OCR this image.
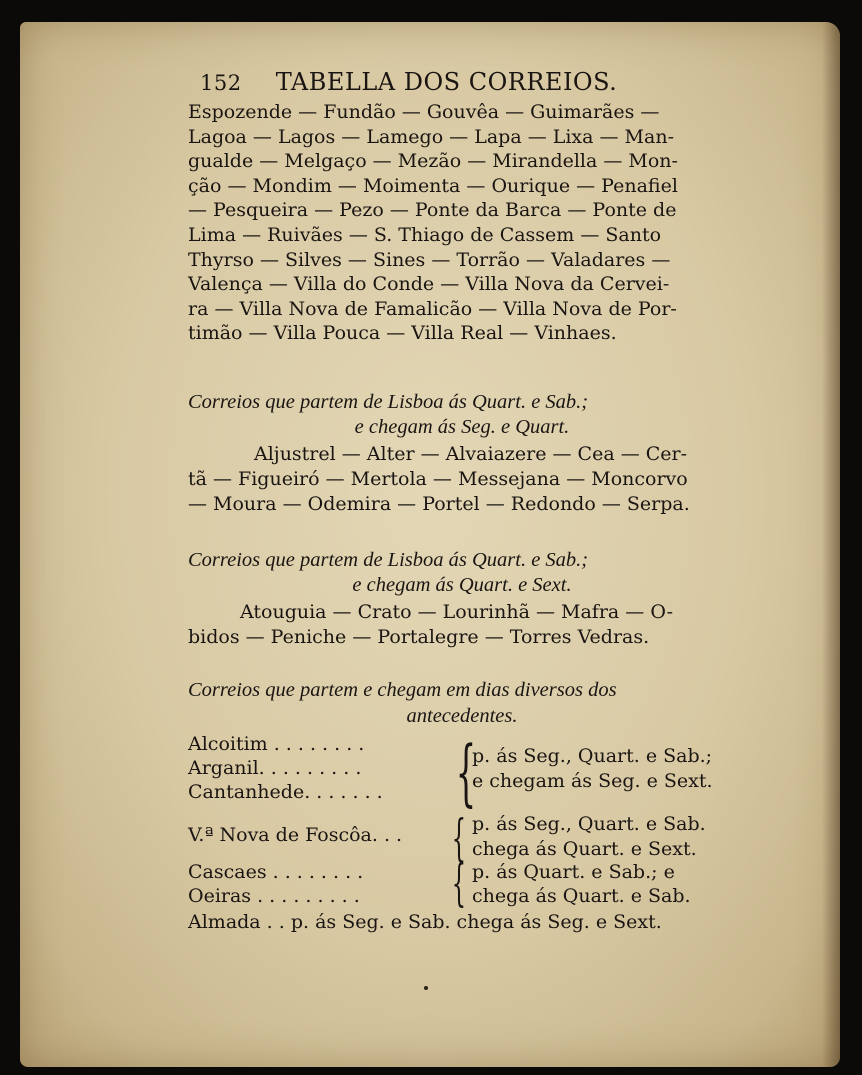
152 TABELLA DOS CORREIOS.
Espozende — Fundão — Gouvêa — Guimarães —
Lagoa — Lagos — Lamego — Lapa — Lixa — Man-
gualde — Melgaço — Mezão — Mirandella — Mon-
ção — Mondim — Moimenta — Ourique — Penafiel
— Pesqueira — Pezo — Ponte da Barca — Ponte de
Lima — Ruivães — S. Thiago de Cassem — Santo
Thyrso — Silves — Sines — Torrão — Valadares —
Valença — Villa do Conde — Villa Nova da Cervei-
ra — Villa Nova de Famalicão — Villa Nova de Por-
timão — Villa Pouca — Villa Real — Vinhaes.
Correios que partem de Lisboa ás Quart. e Sab.;
e chegam ás Seg. e Quart.
Aljustrel — Alter — Alvaiazere — Cea — Cer-
tã — Figueiró — Mertola — Messejana — Moncorvo
— Moura — Odemira — Portel — Redondo — Serpa.
Correios que partem de Lisboa ás Quart. e Sab.;
e chegam ás Quart. e Sext.
Atouguia — Crato — Lourinhã — Mafra — O-
bidos — Peniche — Portalegre — Torres Vedras.
Correios que partem e chegam em dias diversos dos
antecedentes.
Alcoitim . . . . . . . .
Arganil. . . . . . . . .
Cantanhede. . . . . . . {
p. ás Seg., Quart. e Sab.;
e chegam ás Seg. e Sext.
V.ª Nova de Foscôa. . . { p. ás Seg., Quart. e Sab.
chega ás Quart. e Sext.
Cascaes . . . . . . . .
Oeiras . . . . . . . . . { p. ás Quart. e Sab.; e
chega ás Quart. e Sab.
Almada . . p. ás Seg. e Sab. chega ás Seg. e Sext.
